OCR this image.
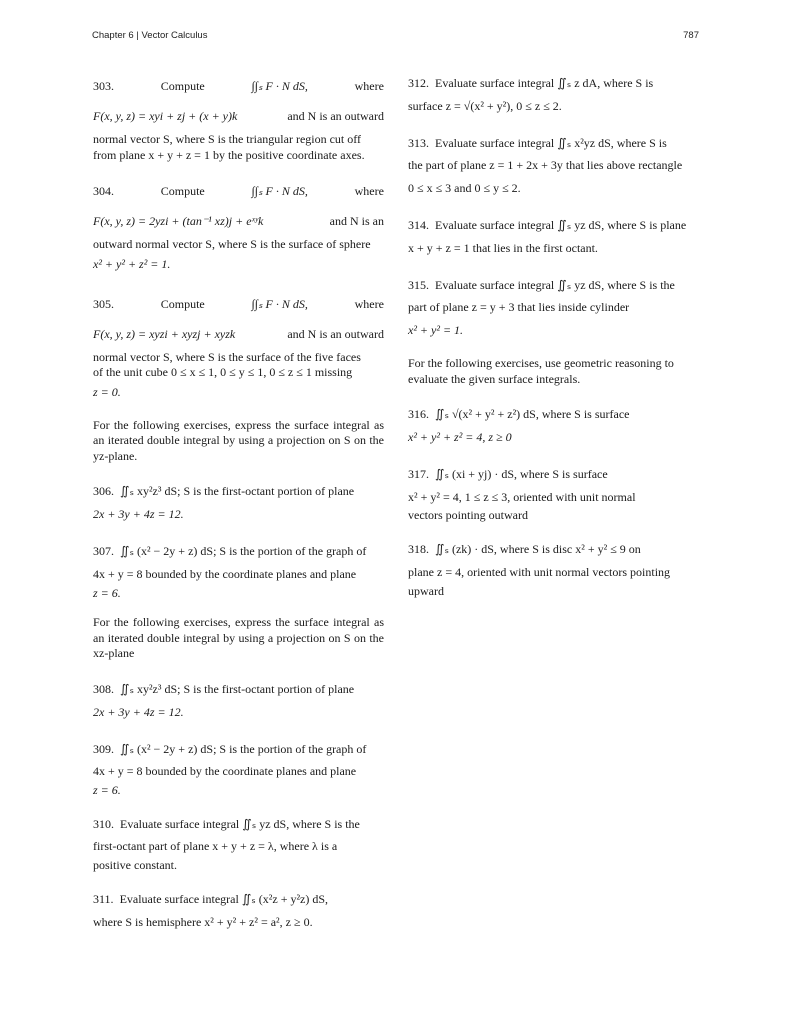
Chapter 6 | Vector Calculus	787
303.	Compute	∫∫ₛ F · N dS,	where
F(x, y, z) = xyi + zj + (x + y)k	and N is an outward

normal vector S, where S is the triangular region cut off

from plane x + y + z = 1 by the positive coordinate axes.

304.	Compute	∫∫ₛ F · N dS,	where
F(x, y, z) = 2yzi + (tan⁻¹ xz)j + eˣʸk	and N is an

outward normal vector S, where S is the surface of sphere

x² + y² + z² = 1.

305.	Compute	∫∫ₛ F · N dS,	where
F(x, y, z) = xyzi + xyzj + xyzk	and N is an outward

normal vector S, where S is the surface of the five faces

of the unit cube 0 ≤ x ≤ 1, 0 ≤ y ≤ 1, 0 ≤ z ≤ 1 missing

z = 0.

For the following exercises, express the surface integral as an iterated double integral by using a projection on S on the yz-plane.

306. ∬ₛ xy²z³ dS; S is the first-octant portion of plane

2x + 3y + 4z = 12.

307. ∬ₛ (x² − 2y + z) dS; S is the portion of the graph of

4x + y = 8 bounded by the coordinate planes and plane

z = 6.

For the following exercises, express the surface integral as an iterated double integral by using a projection on S on the xz-plane

308. ∬ₛ xy²z³ dS; S is the first-octant portion of plane

2x + 3y + 4z = 12.

309. ∬ₛ (x² − 2y + z) dS; S is the portion of the graph of

4x + y = 8 bounded by the coordinate planes and plane

z = 6.

310. Evaluate surface integral ∬ₛ yz dS, where S is the

first-octant part of plane x + y + z = λ, where λ is a

positive constant.

311. Evaluate surface integral ∬ₛ (x²z + y²z) dS,

where S is hemisphere x² + y² + z² = a², z ≥ 0.

312. Evaluate surface integral ∬ₛ z dA, where S is

surface z = √(x² + y²), 0 ≤ z ≤ 2.

313. Evaluate surface integral ∬ₛ x²yz dS, where S is

the part of plane z = 1 + 2x + 3y that lies above rectangle

0 ≤ x ≤ 3 and 0 ≤ y ≤ 2.

314. Evaluate surface integral ∬ₛ yz dS, where S is plane

x + y + z = 1 that lies in the first octant.

315. Evaluate surface integral ∬ₛ yz dS, where S is the

part of plane z = y + 3 that lies inside cylinder

x² + y² = 1.

For the following exercises, use geometric reasoning to evaluate the given surface integrals.

316. ∬ₛ √(x² + y² + z²) dS, where S is surface

x² + y² + z² = 4, z ≥ 0

317. ∬ₛ (xi + yj) · dS, where S is surface

x² + y² = 4, 1 ≤ z ≤ 3, oriented with unit normal

vectors pointing outward

318. ∬ₛ (zk) · dS, where S is disc x² + y² ≤ 9 on

plane z = 4, oriented with unit normal vectors pointing

upward
